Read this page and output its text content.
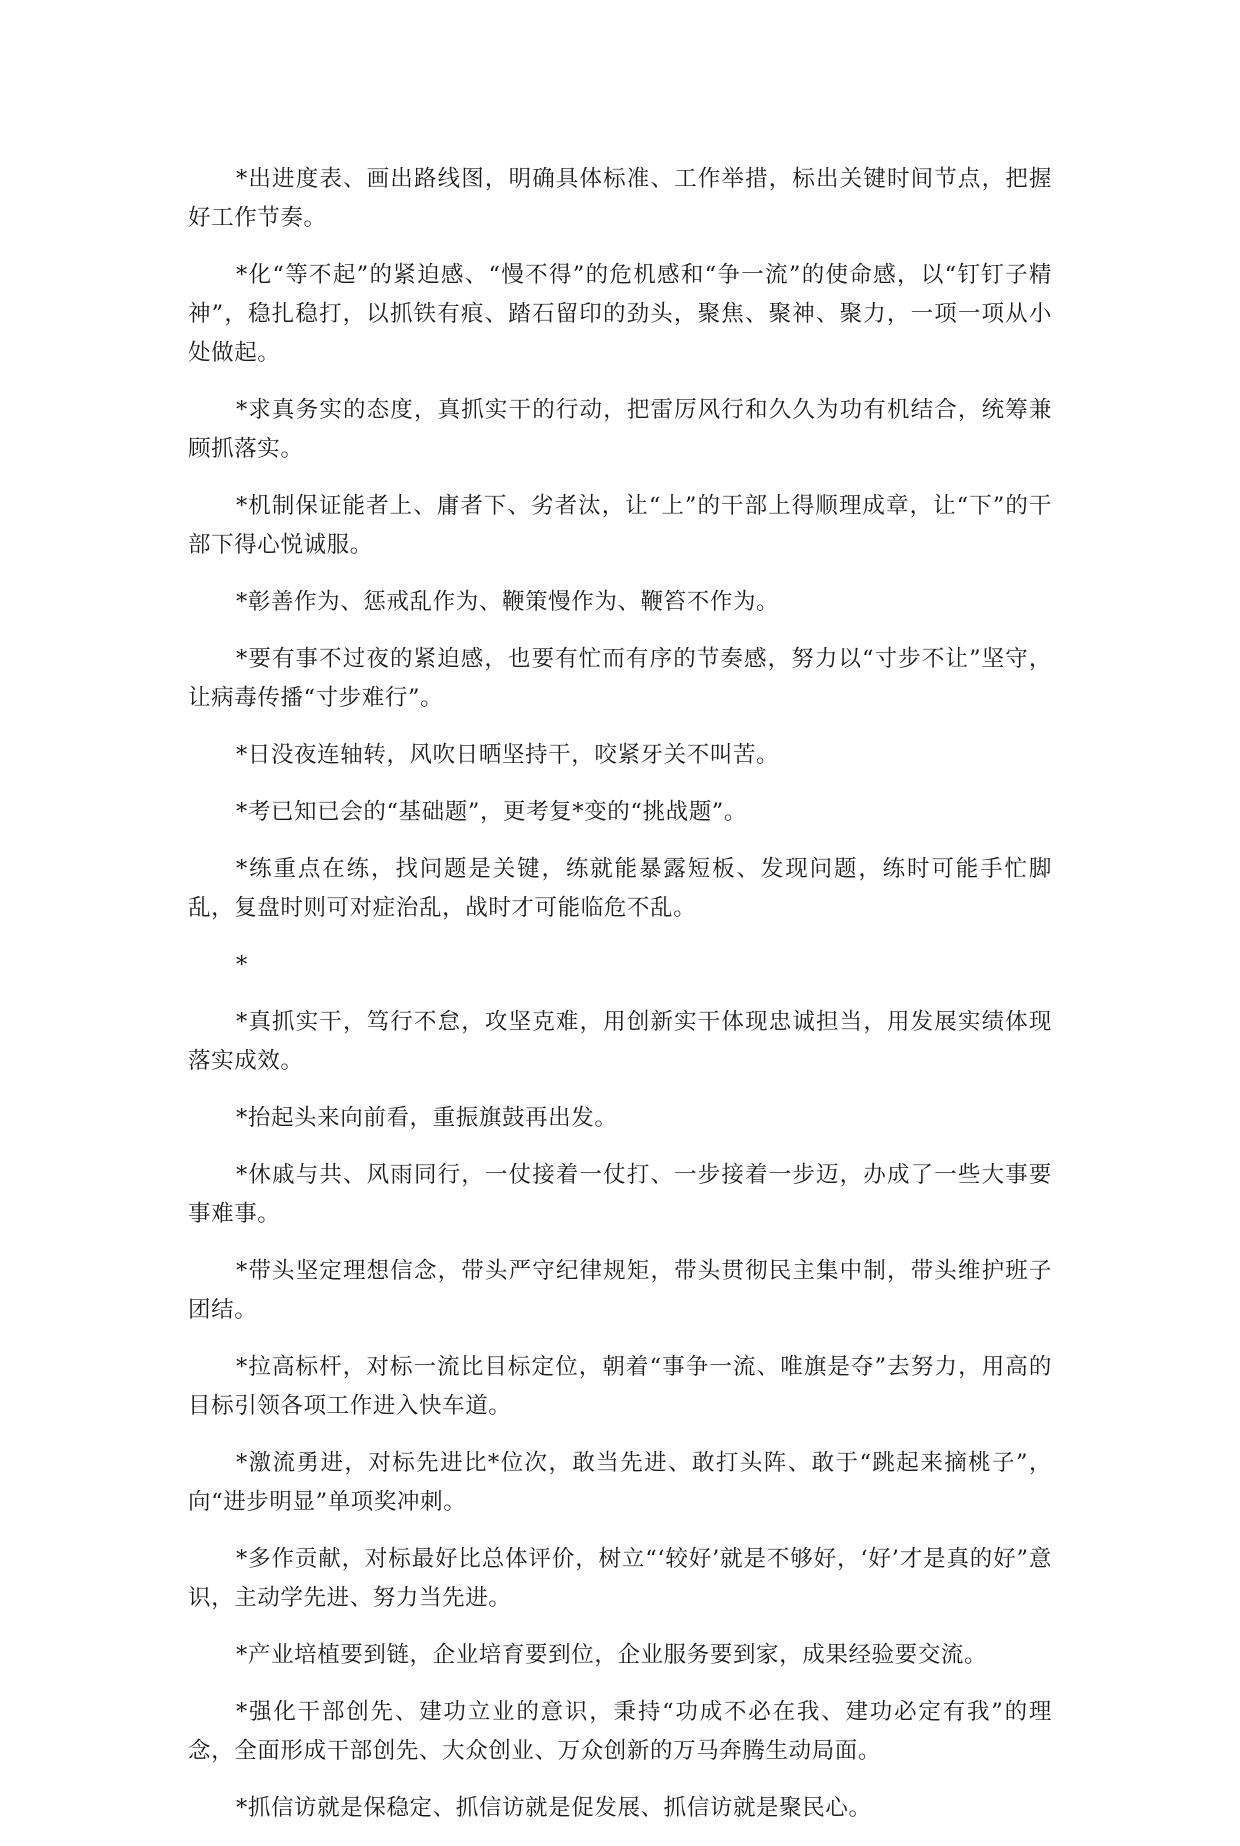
*出进度表、画出路线图，明确具体标准、工作举措，标出关键时间节点，把握好工作节奏。

*化“等不起”的紧迫感、“慢不得”的危机感和“争一流”的使命感，以“钉钉子精神”，稳扎稳打，以抓铁有痕、踏石留印的劲头，聚焦、聚神、聚力，一项一项从小处做起。

*求真务实的态度，真抓实干的行动，把雷厉风行和久久为功有机结合，统筹兼顾抓落实。

*机制保证能者上、庸者下、劣者汰，让“上”的干部上得顺理成章，让“下”的干部下得心悦诚服。

*彰善作为、惩戒乱作为、鞭策慢作为、鞭笞不作为。

*要有事不过夜的紧迫感，也要有忙而有序的节奏感，努力以“寸步不让”坚守，让病毒传播“寸步难行”。

*日没夜连轴转，风吹日晒坚持干，咬紧牙关不叫苦。

*考已知已会的“基础题”，更考复*变的“挑战题”。

*练重点在练，找问题是关键，练就能暴露短板、发现问题，练时可能手忙脚乱，复盘时则可对症治乱，战时才可能临危不乱。

*

*真抓实干，笃行不怠，攻坚克难，用创新实干体现忠诚担当，用发展实绩体现落实成效。

*抬起头来向前看，重振旗鼓再出发。

*休戚与共、风雨同行，一仗接着一仗打、一步接着一步迈，办成了一些大事要事难事。

*带头坚定理想信念，带头严守纪律规矩，带头贯彻民主集中制，带头维护班子团结。

*拉高标杆，对标一流比目标定位，朝着“事争一流、唯旗是夺”去努力，用高的目标引领各项工作进入快车道。

*激流勇进，对标先进比*位次，敢当先进、敢打头阵、敢于“跳起来摘桃子”，向“进步明显”单项奖冲刺。

*多作贡献，对标最好比总体评价，树立“‘较好’就是不够好，‘好’才是真的好”意识，主动学先进、努力当先进。

*产业培植要到链，企业培育要到位，企业服务要到家，成果经验要交流。

*强化干部创先、建功立业的意识，秉持“功成不必在我、建功必定有我”的理念，全面形成干部创先、大众创业、万众创新的万马奔腾生动局面。

*抓信访就是保稳定、抓信访就是促发展、抓信访就是聚民心。
